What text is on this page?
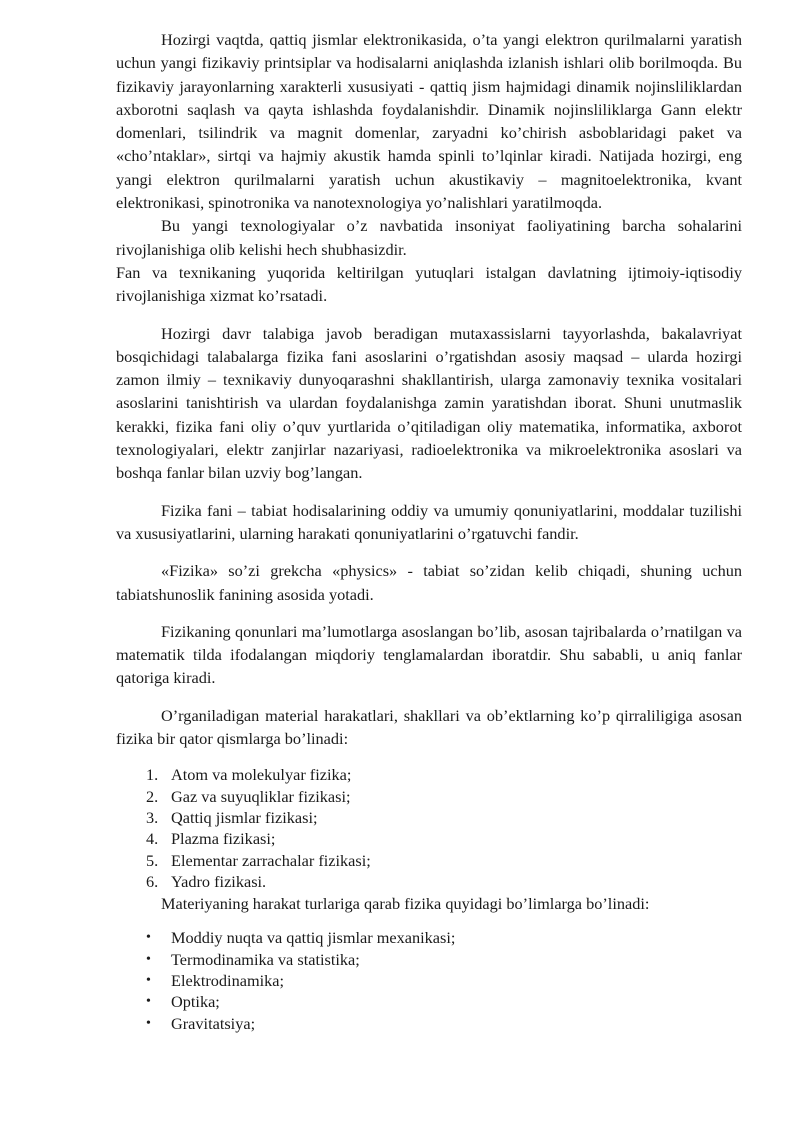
Hozirgi vaqtda, qattiq jismlar elektronikasida, o’ta yangi elektron qurilmalarni yaratish uchun yangi fizikaviy printsiplar va hodisalarni aniqlashda izlanish ishlari olib borilmoqda. Bu fizikaviy jarayonlarning xarakterli xususiyati - qattiq jism hajmidagi dinamik nojinsliliklardan axborotni saqlash va qayta ishlashda foydalanishdir. Dinamik nojinsliliklarga Gann elektr domenlari, tsilindrik va magnit domenlar, zaryadni ko’chirish asboblaridagi paket va «cho’ntaklar», sirtqi va hajmiy akustik hamda spinli to’lqinlar kiradi. Natijada hozirgi, eng yangi elektron qurilmalarni yaratish uchun akustikaviy – magnitoelektronika, kvant elektronikasi, spinotronika va nanotexnologiya yo’nalishlari yaratilmoqda.

Bu yangi texnologiyalar o’z navbatida insoniyat faoliyatining barcha sohalarini rivojlanishiga olib kelishi hech shubhasizdir.

Fan va texnikaning yuqorida keltirilgan yutuqlari istalgan davlatning ijtimoiy-iqtisodiy rivojlanishiga xizmat ko’rsatadi.

Hozirgi davr talabiga javob beradigan mutaxassislarni tayyorlashda, bakalavriyat bosqichidagi talabalarga fizika fani asoslarini o’rgatishdan asosiy maqsad – ularda hozirgi zamon ilmiy – texnikaviy dunyoqarashni shakllantirish, ularga zamonaviy texnika vositalari asoslarini tanishtirish va ulardan foydalanishga zamin yaratishdan iborat. Shuni unutmaslik kerakki, fizika fani oliy o’quv yurtlarida o’qitiladigan oliy matematika, informatika, axborot texnologiyalari, elektr zanjirlar nazariyasi, radioelektronika va mikroelektronika asoslari va boshqa fanlar bilan uzviy bog’langan.

Fizika fani – tabiat hodisalarining oddiy va umumiy qonuniyatlarini, moddalar tuzilishi va xususiyatlarini, ularning harakati qonuniyatlarini o’rgatuvchi fandir.

«Fizika» so’zi grekcha «physics» - tabiat so’zidan kelib chiqadi, shuning uchun tabiatshunoslik fanining asosida yotadi.

Fizikaning qonunlari ma’lumotlarga asoslangan bo’lib, asosan tajribalarda o’rnatilgan va matematik tilda ifodalangan miqdoriy tenglamalardan iboratdir. Shu sababli, u aniq fanlar qatoriga kiradi.

O’rganiladigan material harakatlari, shakllari va ob’ektlarning ko’p qirraliligiga asosan fizika bir qator qismlarga bo’linadi:

1. Atom va molekulyar fizika;
2. Gaz va suyuqliklar fizikasi;
3. Qattiq jismlar fizikasi;
4. Plazma fizikasi;
5. Elementar zarrachalar fizikasi;
6. Yadro fizikasi.

Materiyaning harakat turlariga qarab fizika quyidagi bo’limlarga bo’linadi:

• Moddiy nuqta va qattiq jismlar mexanikasi;
• Termodinamika va statistika;
• Elektrodinamika;
• Optika;
• Gravitatsiya;
